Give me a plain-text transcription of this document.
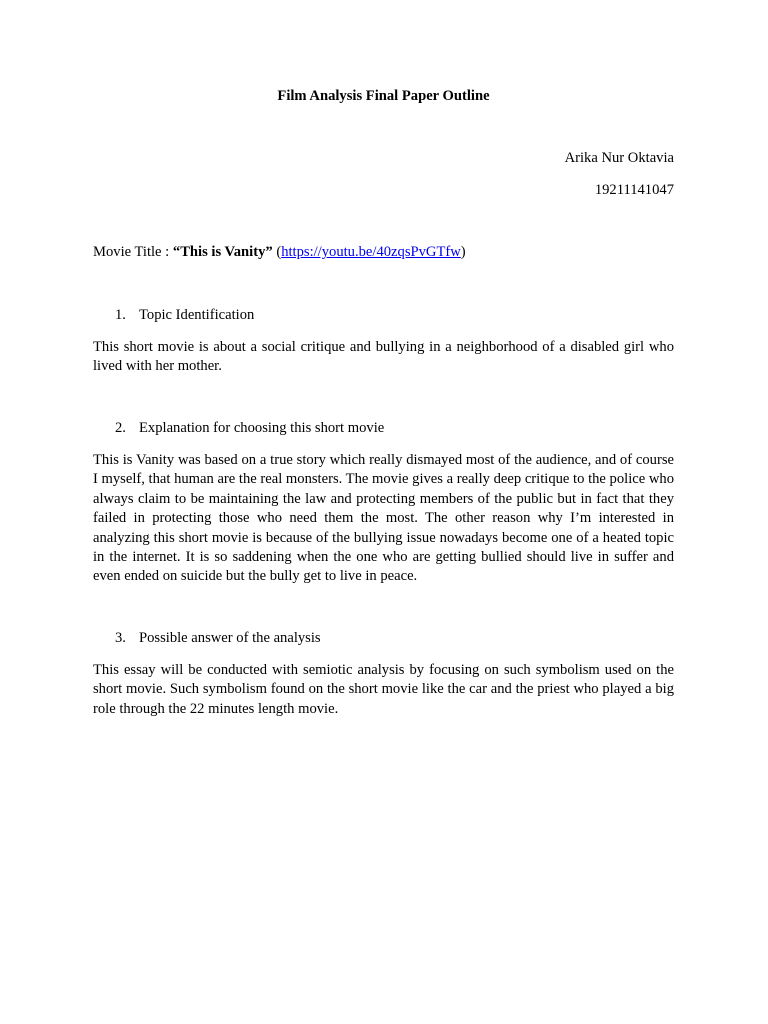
Film Analysis Final Paper Outline

Arika Nur Oktavia

19211141047

Movie Title : “This is Vanity” (https://youtu.be/40zqsPvGTfw)

1. Topic Identification

This short movie is about a social critique and bullying in a neighborhood of a disabled girl who lived with her mother.

2. Explanation for choosing this short movie

This is Vanity was based on a true story which really dismayed most of the audience, and of course I myself, that human are the real monsters. The movie gives a really deep critique to the police who always claim to be maintaining the law and protecting members of the public but in fact that they failed in protecting those who need them the most. The other reason why I’m interested in analyzing this short movie is because of the bullying issue nowadays become one of a heated topic in the internet. It is so saddening when the one who are getting bullied should live in suffer and even ended on suicide but the bully get to live in peace.

3. Possible answer of the analysis

This essay will be conducted with semiotic analysis by focusing on such symbolism used on the short movie. Such symbolism found on the short movie like the car and the priest who played a big role through the 22 minutes length movie.
